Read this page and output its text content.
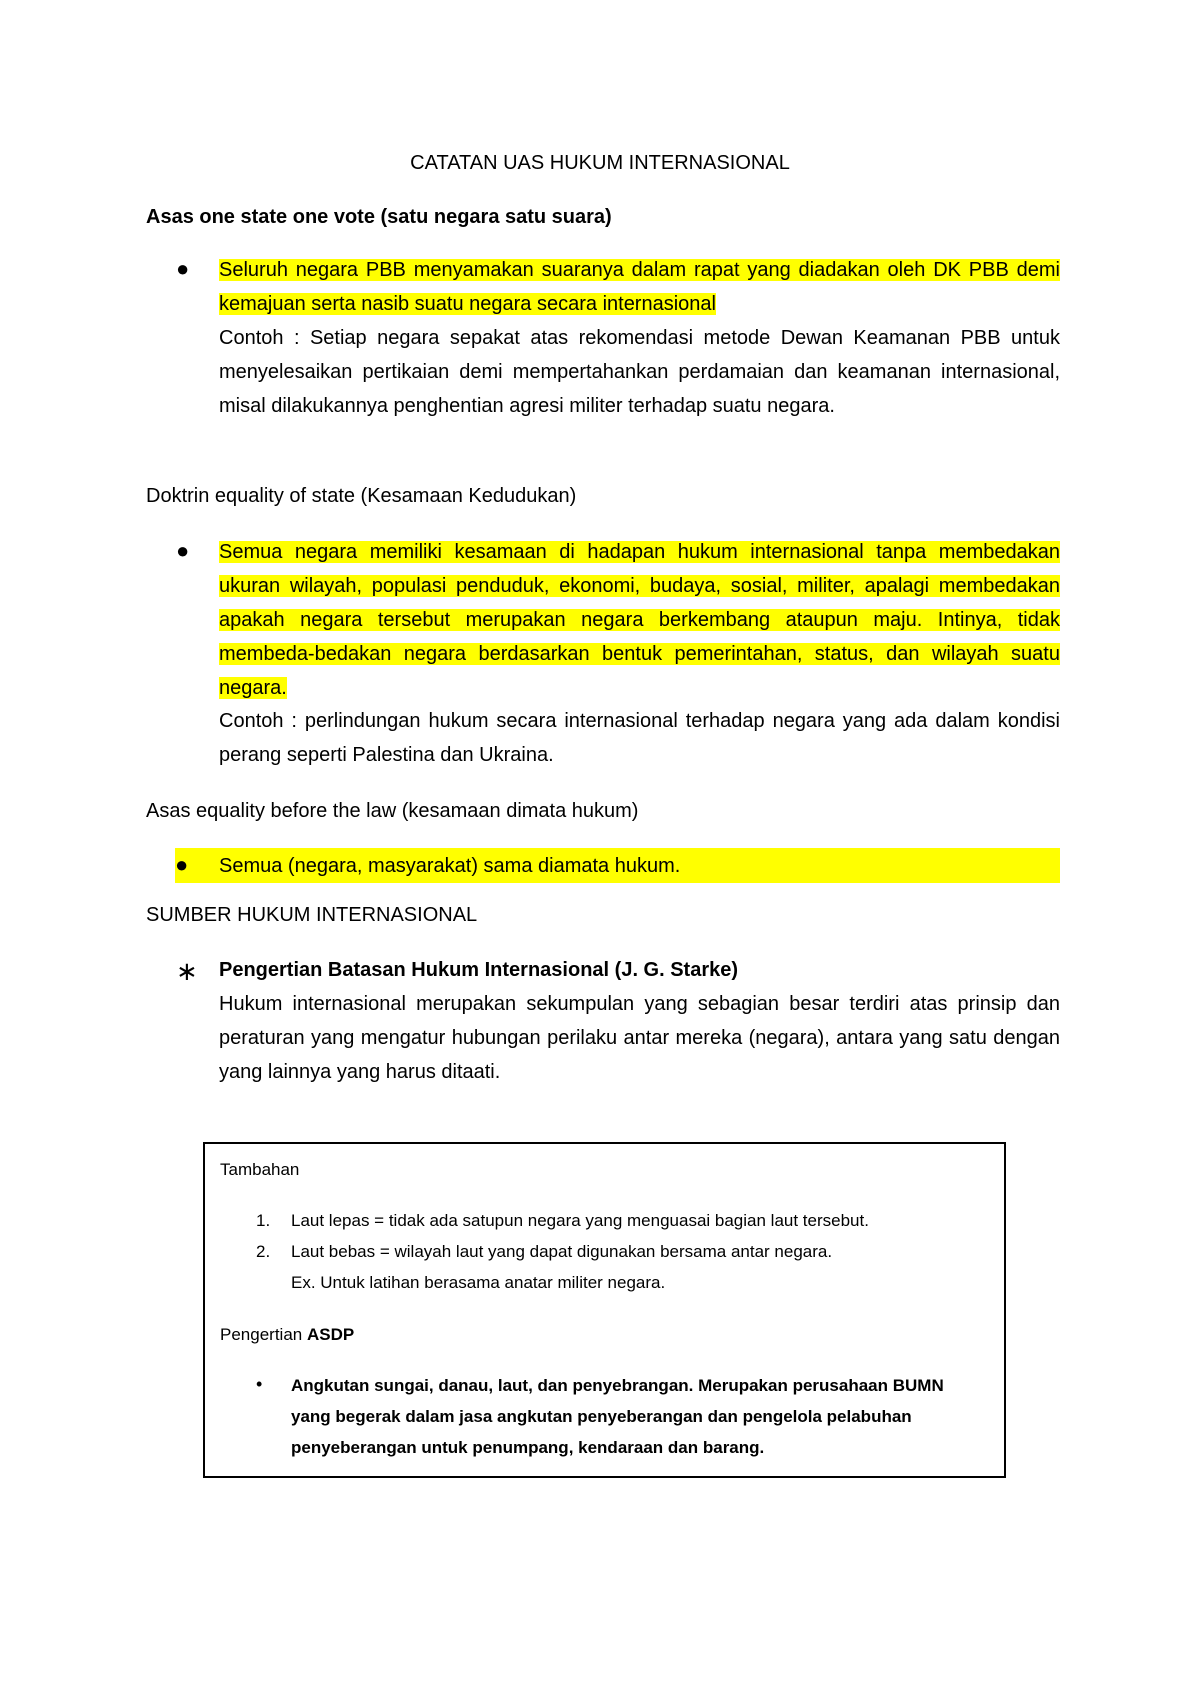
CATATAN UAS HUKUM INTERNASIONAL
Asas one state one vote (satu negara satu suara)
●	Seluruh negara PBB menyamakan suaranya dalam rapat yang diadakan oleh DK PBB demi kemajuan serta nasib suatu negara secara internasional
Contoh : Setiap negara sepakat atas rekomendasi metode Dewan Keamanan PBB untuk menyelesaikan pertikaian demi mempertahankan perdamaian dan keamanan internasional, misal dilakukannya penghentian agresi militer terhadap suatu negara.
Doktrin equality of state (Kesamaan Kedudukan)
●	Semua negara memiliki kesamaan di hadapan hukum internasional tanpa membedakan ukuran wilayah, populasi penduduk, ekonomi, budaya, sosial, militer, apalagi membedakan apakah negara tersebut merupakan negara berkembang ataupun maju. Intinya, tidak membeda-bedakan negara berdasarkan bentuk pemerintahan, status, dan wilayah suatu negara.
Contoh : perlindungan hukum secara internasional terhadap negara yang ada dalam kondisi perang seperti Palestina dan Ukraina.
Asas equality before the law (kesamaan dimata hukum)
● Semua (negara, masyarakat) sama diamata hukum.
SUMBER HUKUM INTERNASIONAL
∗	Pengertian Batasan Hukum Internasional (J. G. Starke)
Hukum internasional merupakan sekumpulan yang sebagian besar terdiri atas prinsip dan peraturan yang mengatur hubungan perilaku antar mereka (negara), antara yang satu dengan yang lainnya yang harus ditaati.
Tambahan
1. Laut lepas = tidak ada satupun negara yang menguasai bagian laut tersebut.
2. Laut bebas = wilayah laut yang dapat digunakan bersama antar negara.
Ex. Untuk latihan berasama anatar militer negara.
Pengertian ASDP
• Angkutan sungai, danau, laut, dan penyebrangan. Merupakan perusahaan BUMN yang begerak dalam jasa angkutan penyeberangan dan pengelola pelabuhan penyeberangan untuk penumpang, kendaraan dan barang.
